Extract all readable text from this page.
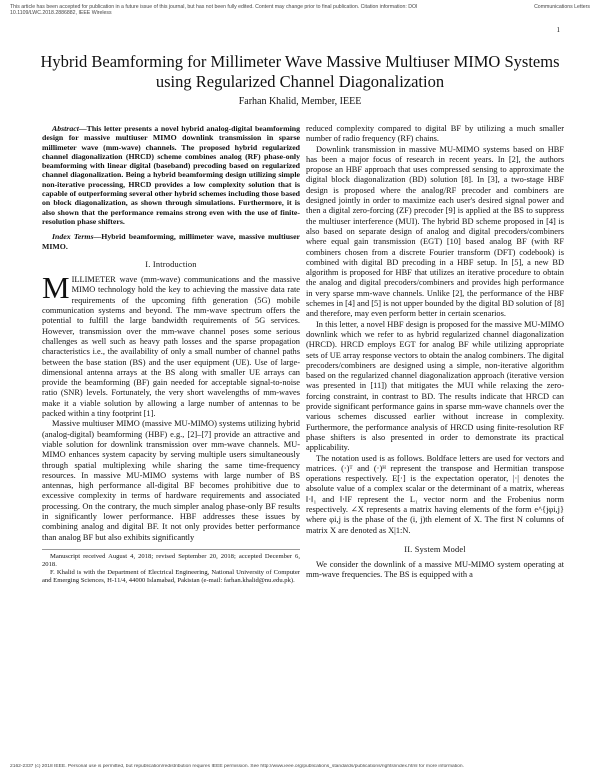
Communications Letters
This article has been accepted for publication in a future issue of this journal, but has not been fully edited. Content may change prior to final publication. Citation information: DOI 10.1109/LWC.2018.2886882, IEEE Wireless
1
Hybrid Beamforming for Millimeter Wave Massive Multiuser MIMO Systems using Regularized Channel Diagonalization
Farhan Khalid, Member, IEEE

Abstract—This letter presents a novel hybrid analog-digital beamforming design for massive multiuser MIMO downlink transmission in sparse millimeter wave (mm-wave) channels. The proposed hybrid regularized channel diagonalization (HRCD) scheme combines analog (RF) phase-only beamforming with linear digital (baseband) precoding based on regularized channel diagonalization. Being a hybrid beamforming design utilizing simple non-iterative processing, HRCD provides a low complexity solution that is capable of outperforming several other hybrid schemes including those based on block diagonalization, as shown through simulations. Furthermore, it is also shown that the performance remains strong even with the use of finite-resolution phase shifters.

Index Terms—Hybrid beamforming, millimeter wave, massive multiuser MIMO.

I. Introduction

MILLIMETER wave (mm-wave) communications and the massive MIMO technology hold the key to achieving the massive data rate requirements of the upcoming fifth generation (5G) mobile communication systems and beyond. The mm-wave spectrum offers the potential to fulfill the large bandwidth requirements of 5G services. However, transmission over the mm-wave channel poses some serious challenges as well such as heavy path losses and the sparse propagation characteristics i.e., the availability of only a small number of channel paths between the base station (BS) and the user equipment (UE). Use of large-dimensional antenna arrays at the BS along with smaller UE arrays can provide the beamforming (BF) gain needed for acceptable signal-to-noise ratio (SNR) levels. Fortunately, the very short wavelengths of mm-waves make it a viable solution by allowing a large number of antennas to be packed within a tiny footprint [1].

Massive multiuser MIMO (massive MU-MIMO) systems utilizing hybrid (analog-digital) beamforming (HBF) e.g., [2]–[7] provide an attractive and viable solution for downlink transmission over mm-wave channels. MU-MIMO enhances system capacity by serving multiple users simultaneously through spatial multiplexing while sharing the same time-frequency resources. In massive MU-MIMO systems with large number of BS antennas, high performance all-digital BF becomes prohibitive due to excessive complexity in terms of hardware requirements and associated processing. On the contrary, the much simpler analog phase-only BF results in significantly lower performance. HBF addresses these issues by combining analog and digital BF. It not only provides better performance than analog BF but also exhibits significantly

Manuscript received August 4, 2018; revised September 20, 2018; accepted December 6, 2018.

F. Khalid is with the Department of Electrical Engineering, National University of Computer and Emerging Sciences, H-11/4, 44000 Islamabad, Pakistan (e-mail: farhan.khalid@nu.edu.pk).

reduced complexity compared to digital BF by utilizing a much smaller number of radio frequency (RF) chains.

Downlink transmission in massive MU-MIMO systems based on HBF has been a major focus of research in recent years. In [2], the authors propose an HBF approach that uses compressed sensing to approximate the digital block diagonalization (BD) solution [8]. In [3], a two-stage HBF design is proposed where the analog/RF precoder and combiners are designed jointly in order to maximize each user's desired signal power and then a digital zero-forcing (ZF) precoder [9] is applied at the BS to suppress the multiuser interference (MUI). The hybrid BD scheme proposed in [4] is also based on separate design of analog and digital precoders/combiners where equal gain transmission (EGT) [10] based analog BF (with RF combiners chosen from a discrete Fourier transform (DFT) codebook) is combined with digital BD precoding in a HBF setup. In [5], a new BD algorithm is proposed for HBF that utilizes an iterative procedure to obtain the analog and digital precoders/combiners and provides high performance in very sparse mm-wave channels. Unlike [2], the performance of the HBF schemes in [4] and [5] is not upper bounded by the digital BD solution of [8] and therefore, may even perform better in certain scenarios.

In this letter, a novel HBF design is proposed for the massive MU-MIMO downlink which we refer to as hybrid regularized channel diagonalization (HRCD). HRCD employs EGT for analog BF while utilizing appropriate sets of UE array response vectors to obtain the analog combiners. The digital precoders/combiners are designed using a simple, non-iterative algorithm based on the regularized channel diagonalization approach (iterative version was presented in [11]) that mitigates the MUI while relaxing the zero-forcing constraint, in contrast to BD. The results indicate that HRCD can provide significant performance gains in sparse mm-wave channels over the various schemes discussed earlier without increase in complexity. Furthermore, the performance analysis of HRCD using finite-resolution RF phase shifters is also presented in order to demonstrate its practical applicability.

The notation used is as follows. Boldface letters are used for vectors and matrices. (·)ᵀ and (·)ᴴ represent the transpose and Hermitian transpose operations respectively. E[·] is the expectation operator, |·| denotes the absolute value of a complex scalar or the determinant of a matrix, whereas ‖·‖₁ and ‖·‖F represent the L₁ vector norm and the Frobenius norm respectively. ∠X represents a matrix having elements of the form e^{jφi,j} where φi,j is the phase of the (i, j)th element of X. The first N columns of matrix X are denoted as X|1:N.

II. System Model

We consider the downlink of a massive MU-MIMO system operating at mm-wave frequencies. The BS is equipped with a

2162-2337 (c) 2018 IEEE. Personal use is permitted, but republication/redistribution requires IEEE permission. See http://www.ieee.org/publications_standards/publications/rights/index.html for more information.
